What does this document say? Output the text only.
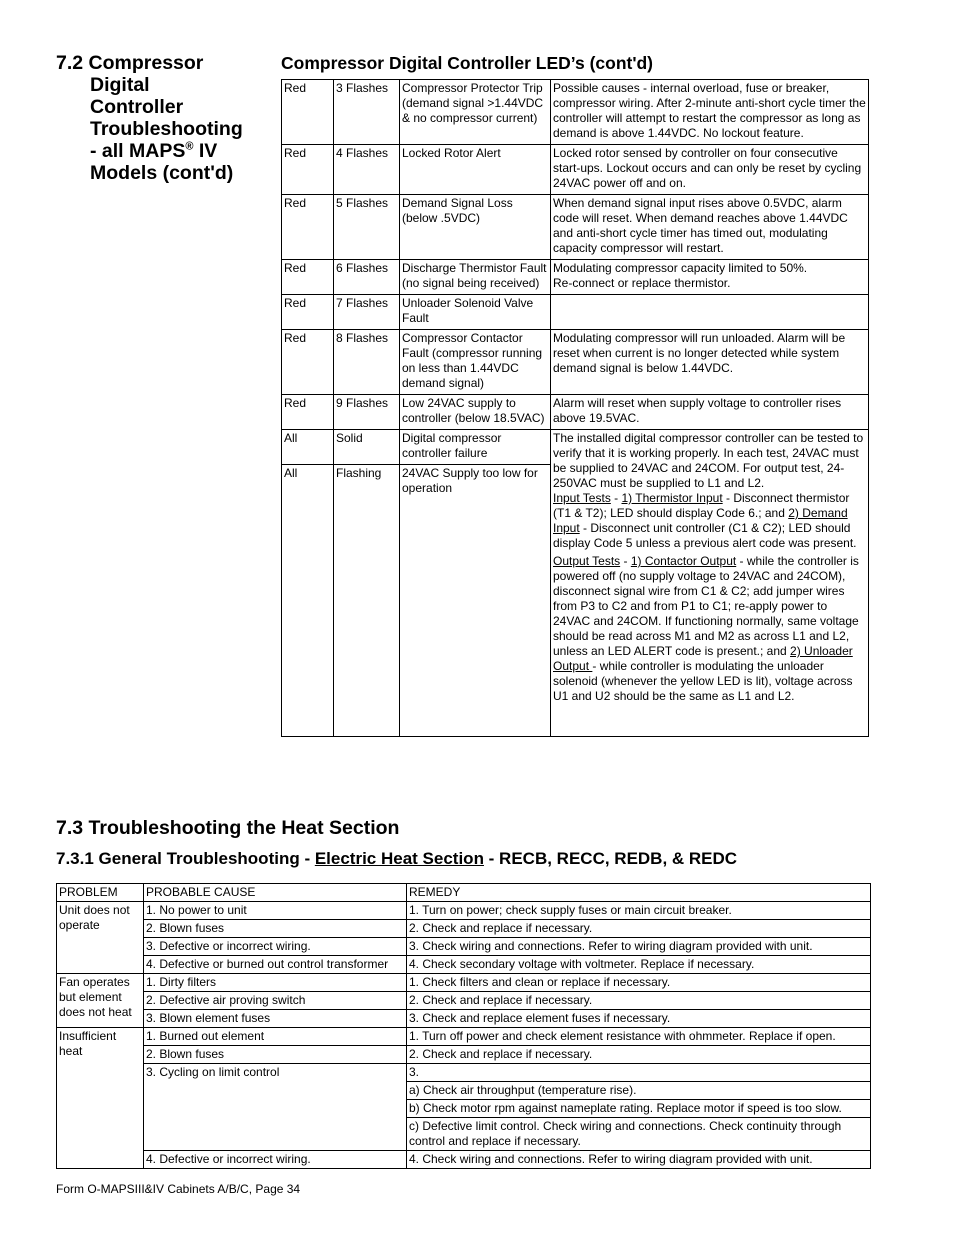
7.2 Compressor
Digital
Controller
Troubleshooting
- all MAPS® IV
Models (cont'd)
Compressor Digital Controller LED’s (cont'd)
Red	3 Flashes	Compressor Protector Trip (demand signal >1.44VDC & no compressor current)	Possible causes - internal overload, fuse or breaker, compressor wiring. After 2-minute anti-short cycle timer the controller will attempt to restart the compressor as long as demand is above 1.44VDC. No lockout feature.
Red	4 Flashes	Locked Rotor Alert	Locked rotor sensed by controller on four consecutive start-ups. Lockout occurs and can only be reset by cycling 24VAC power off and on.
Red	5 Flashes	Demand Signal Loss (below .5VDC)	When demand signal input rises above 0.5VDC, alarm code will reset. When demand reaches above 1.44VDC and anti-short cycle timer has timed out, modulating capacity compressor will restart.
Red	6 Flashes	Discharge Thermistor Fault (no signal being received)	Modulating compressor capacity limited to 50%.
Re-connect or replace thermistor.

Red	7 Flashes	Unloader Solenoid Valve Fault	
Red	8 Flashes	Compressor Contactor Fault (compressor running on less than 1.44VDC demand signal)	Modulating compressor will run unloaded. Alarm will be reset when current is no longer detected while system demand signal is below 1.44VDC.
Red	9 Flashes	Low 24VAC supply to controller (below 18.5VAC)	Alarm will reset when supply voltage to controller rises above 19.5VAC.
All	Solid	Digital compressor controller failure	The installed digital compressor controller can be tested to verify that it is working properly. In each test, 24VAC must be supplied to 24VAC and 24COM. For output test, 24-250VAC must be supplied to L1 and L2.
Input Tests - 1) Thermistor Input - Disconnect thermistor (T1 & T2); LED should display Code 6.; and 2) Demand Input - Disconnect unit controller (C1 & C2); LED should display Code 5 unless a previous alert code was present.
Output Tests - 1) Contactor Output - while the controller is powered off (no supply voltage to 24VAC and 24COM), disconnect signal wire from C1 & C2; add jumper wires from P3 to C2 and from P1 to C1; re-apply power to 24VAC and 24COM. If functioning normally, same voltage should be read across M1 and M2 as across L1 and L2, unless an LED ALERT code is present.; and 2) Unloader Output - while controller is modulating the unloader solenoid (whenever the yellow LED is lit), voltage across U1 and U2 should be the same as L1 and L2.

All	Flashing	24VAC Supply too low for operation	
7.3 Troubleshooting the Heat Section
7.3.1 General Troubleshooting - Electric Heat Section - RECB, RECC, REDB, & REDC
PROBLEM	PROBABLE CAUSE	REMEDY
Unit does not operate	1. No power to unit	1. Turn on power; check supply fuses or main circuit breaker.
	2. Blown fuses	2. Check and replace if necessary.
	3. Defective or incorrect wiring.	3. Check wiring and connections. Refer to wiring diagram provided with unit.
	4. Defective or burned out control transformer	4. Check secondary voltage with voltmeter. Replace if necessary.
Fan operates but element does not heat	1. Dirty filters	1. Check filters and clean or replace if necessary.
	2. Defective air proving switch	2. Check and replace if necessary.
	3. Blown element fuses	3. Check and replace element fuses if necessary.
Insufficient heat	1. Burned out element	1. Turn off power and check element resistance with ohmmeter. Replace if open.
	2. Blown fuses	2. Check and replace if necessary.
	3. Cycling on limit control	3.
		a) Check air throughput (temperature rise).
		b) Check motor rpm against nameplate rating. Replace motor if speed is too slow.
		c) Defective limit control. Check wiring and connections. Check continuity through control and replace if necessary.
	4. Defective or incorrect wiring.	4. Check wiring and connections. Refer to wiring diagram provided with unit.
Form O-MAPSIII&IV Cabinets A/B/C, Page 34
